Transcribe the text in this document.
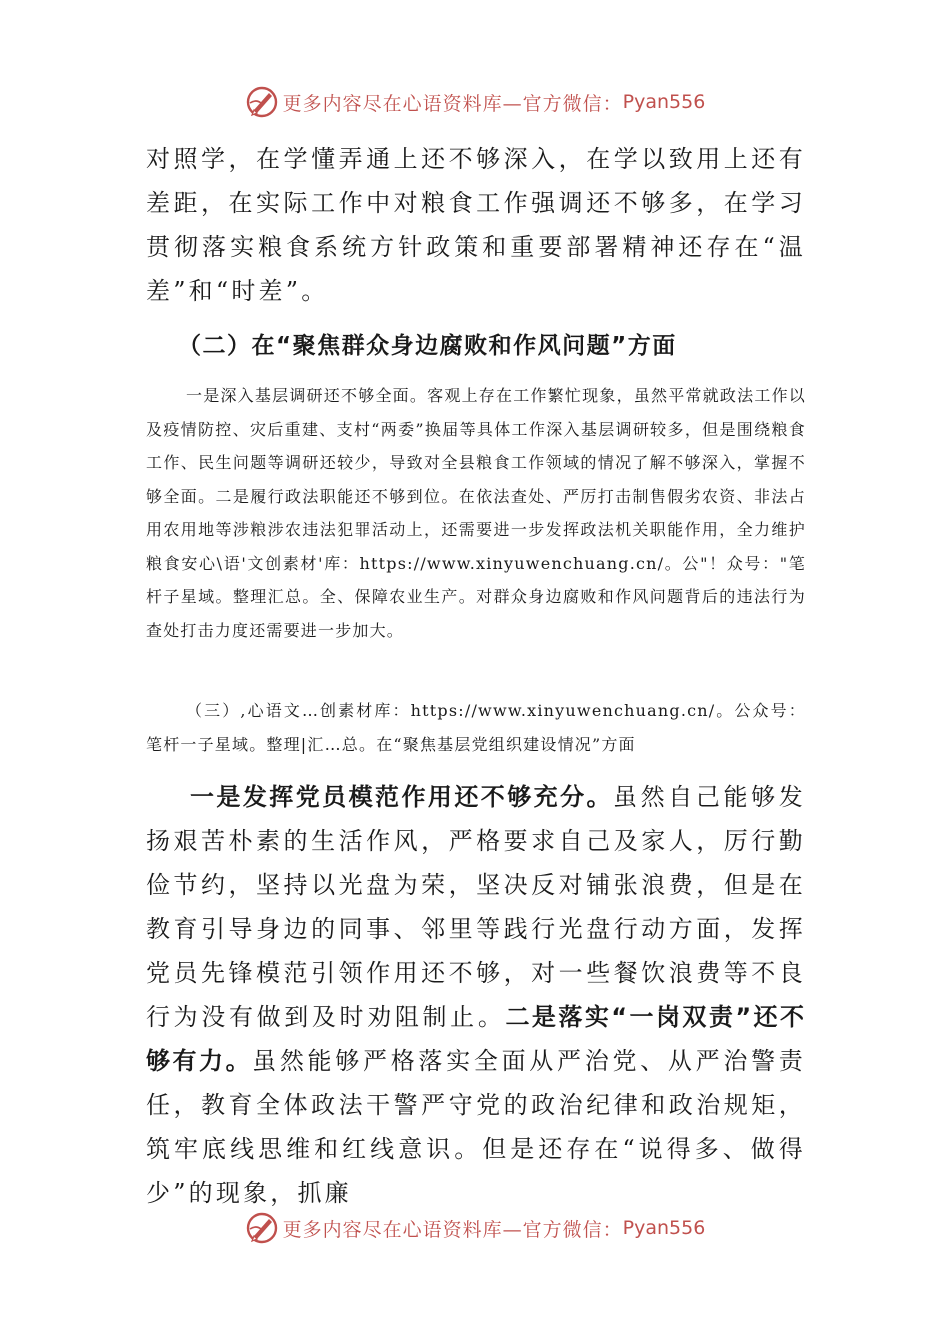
更多内容尽在心语资料库—官方微信： Pyan556

对照学，在学懂弄通上还不够深入，在学以致用上还有差距，在实际工作中对粮食工作强调还不够多，在学习贯彻落实粮食系统方针政策和重要部署精神还存在“温差”和“时差”。

（二）在“聚焦群众身边腐败和作风问题”方面

一是深入基层调研还不够全面。客观上存在工作繁忙现象，虽然平常就政法工作以及疫情防控、灾后重建、支村“两委”换届等具体工作深入基层调研较多，但是围绕粮食工作、民生问题等调研还较少，导致对全县粮食工作领域的情况了解不够深入，掌握不够全面。二是履行政法职能还不够到位。在依法查处、严厉打击制售假劣农资、非法占用农用地等涉粮涉农违法犯罪活动上，还需要进一步发挥政法机关职能作用，全力维护粮食安心\语'文创素材'库：https://www.xinyuwenchuang.cn/。公"！众号："笔杆子星域。整理汇总。全、保障农业生产。对群众身边腐败和作风问题背后的违法行为查处打击力度还需要进一步加大。

（三）,心语文…创素材库：https://www.xinyuwenchuang.cn/。公众号：笔杆一子星域。整理|汇…总。在“聚焦基层党组织建设情况”方面

一是发挥党员模范作用还不够充分。虽然自己能够发扬艰苦朴素的生活作风，严格要求自己及家人，厉行勤俭节约，坚持以光盘为荣，坚决反对铺张浪费，但是在教育引导身边的同事、邻里等践行光盘行动方面，发挥党员先锋模范引领作用还不够，对一些餐饮浪费等不良行为没有做到及时劝阻制止。二是落实“一岗双责”还不够有力。虽然能够严格落实全面从严治党、从严治警责任，教育全体政法干警严守党的政治纪律和政治规矩，筑牢底线思维和红线意识。但是还存在“说得多、做得少”的现象，抓廉

更多内容尽在心语资料库—官方微信： Pyan556
